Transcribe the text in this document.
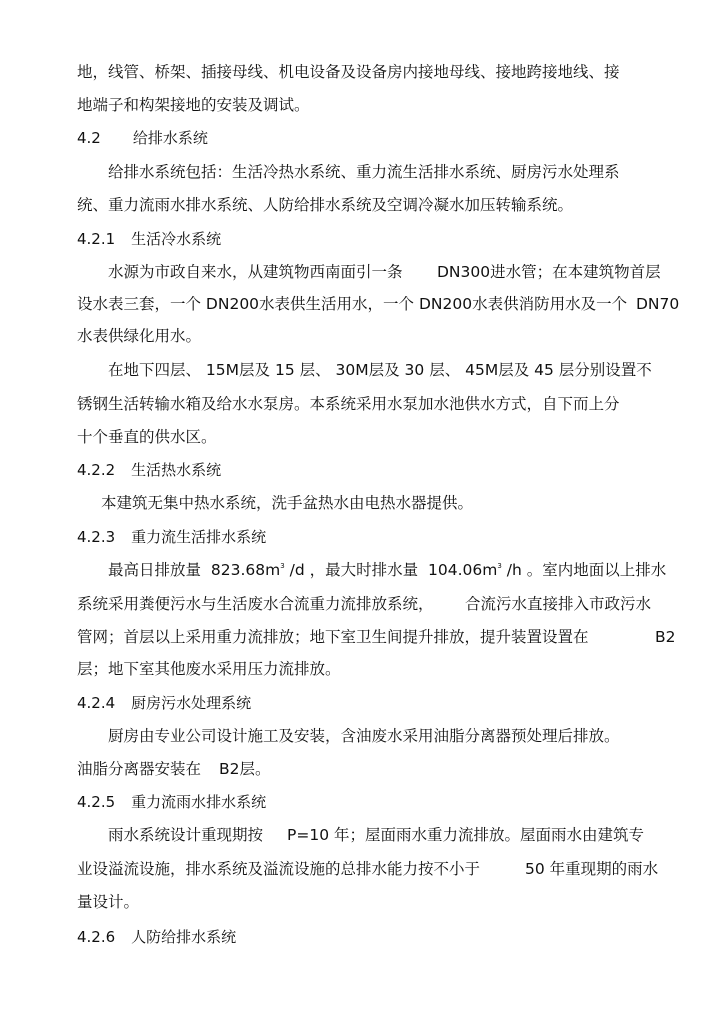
地，线管、桥架、插接母线、机电设备及设备房内接地母线、接地跨接地线、接
地端子和构架接地的安装及调试。
4.2 给排水系统
给排水系统包括：生活冷热水系统、重力流生活排水系统、厨房污水处理系
统、重力流雨水排水系统、人防给排水系统及空调冷凝水加压转输系统。
4.2.1 生活冷水系统
水源为市政自来水，从建筑物西南面引一条 DN300进水管；在本建筑物首层
设水表三套，一个 DN200水表供生活用水，一个 DN200水表供消防用水及一个 DN70
水表供绿化用水。
在地下四层、 15M层及 15 层、 30M层及 30 层、 45M层及 45 层分别设置不
锈钢生活转输水箱及给水水泵房。本系统采用水泵加水池供水方式，自下而上分
十个垂直的供水区。
4.2.2 生活热水系统
本建筑无集中热水系统，洗手盆热水由电热水器提供。
4.2.3 重力流生活排水系统
最高日排放量 $823.68m^3$ /d ，最大时排水量 $104.06m^3$ /h 。室内地面以上排水
系统采用粪便污水与生活废水合流重力流排放系统， 合流污水直接排入市政污水
管网；首层以上采用重力流排放；地下室卫生间提升排放，提升装置设置在	B2
层；地下室其他废水采用压力流排放。
4.2.4 厨房污水处理系统
厨房由专业公司设计施工及安装，含油废水采用油脂分离器预处理后排放。
油脂分离器安装在 B2层。
4.2.5 重力流雨水排水系统
雨水系统设计重现期按 P=10 年；屋面雨水重力流排放。屋面雨水由建筑专
业设溢流设施，排水系统及溢流设施的总排水能力按不小于	50 年重现期的雨水
量设计。
4.2.6 人防给排水系统
